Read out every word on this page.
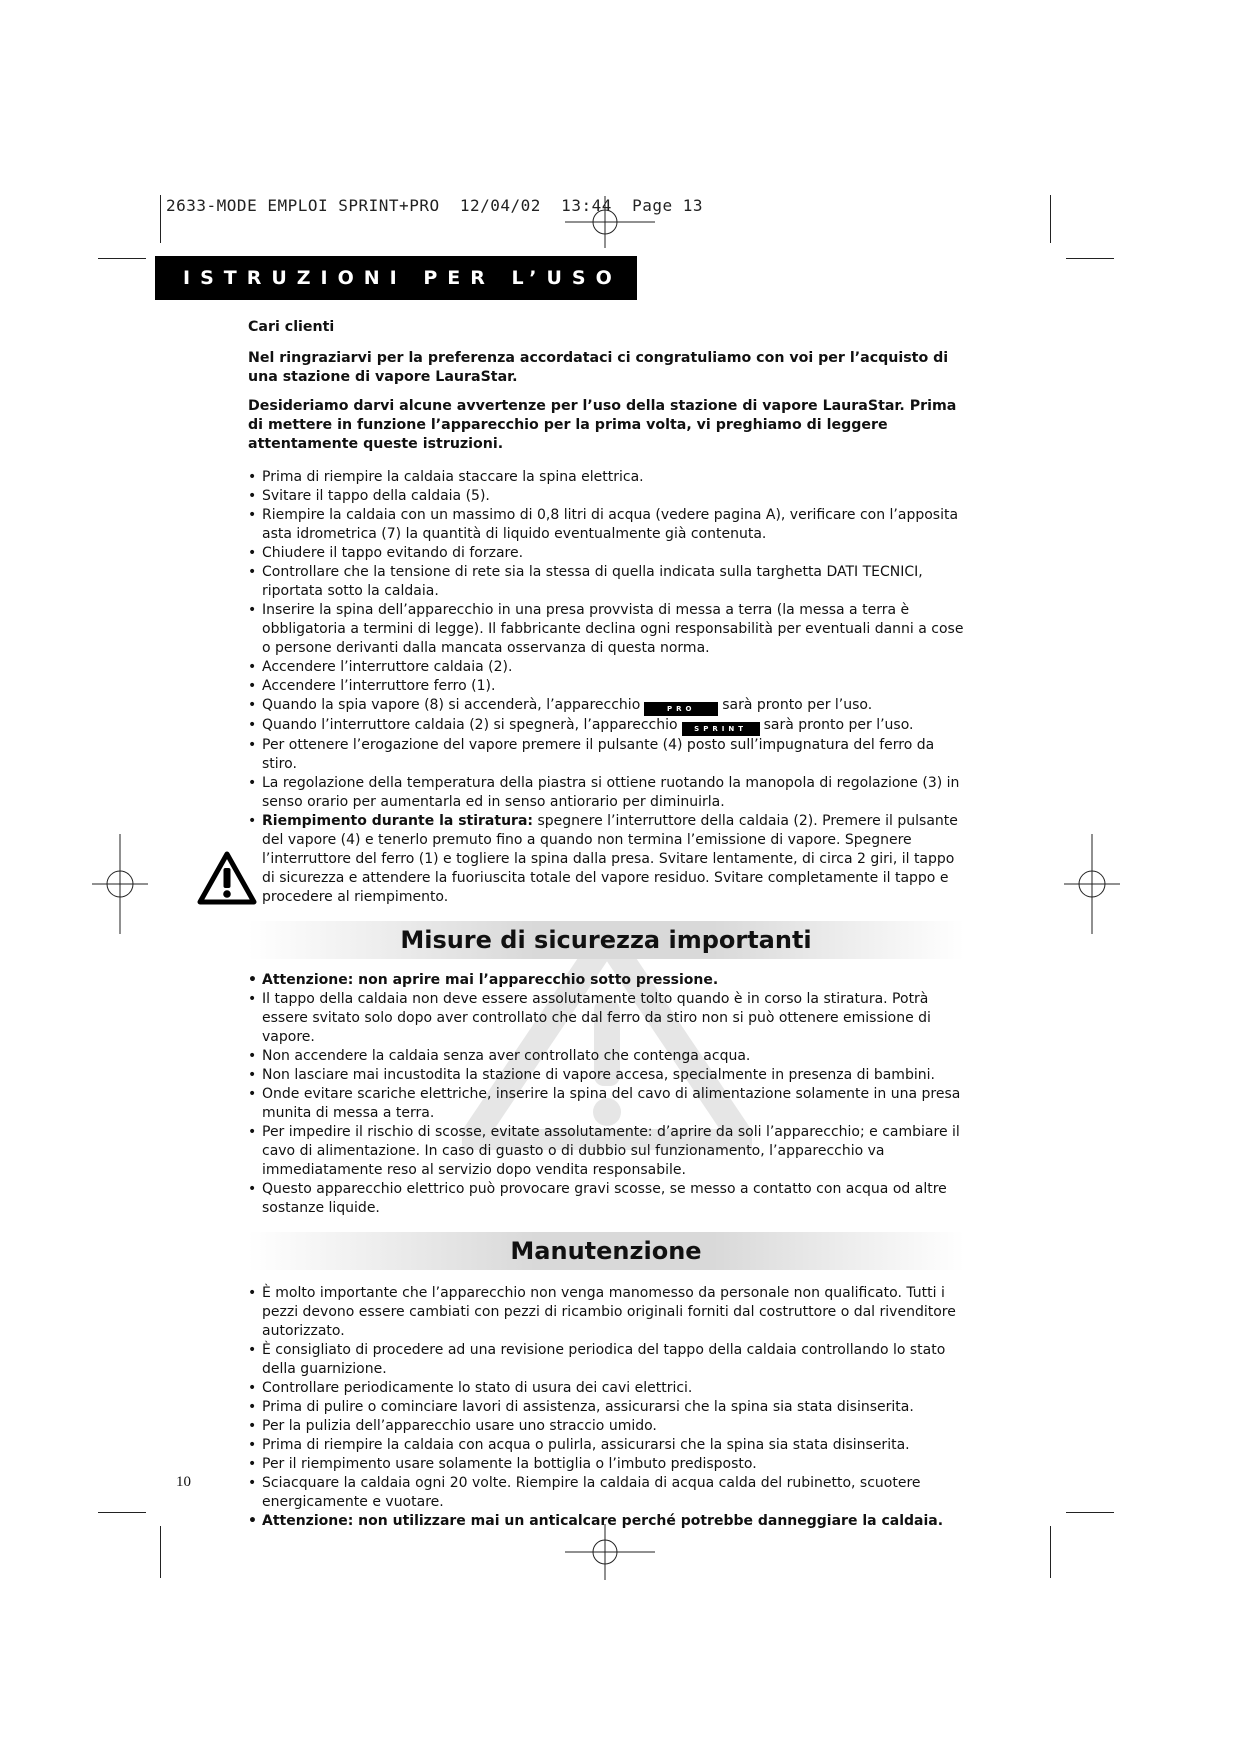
2633-MODE EMPLOI SPRINT+PRO  12/04/02  13:44  Page 13
ISTRUZIONI PER L’USO

Cari clienti

Nel ringraziarvi per la preferenza accordataci ci congratuliamo con voi per l’acquisto di una stazione di vapore LauraStar.

Desideriamo darvi alcune avvertenze per l’uso della stazione di vapore LauraStar. Prima di mettere in funzione l’apparecchio per la prima volta, vi preghiamo di leggere attentamente queste istruzioni.

• Prima di riempire la caldaia staccare la spina elettrica.
• Svitare il tappo della caldaia (5).
• Riempire la caldaia con un massimo di 0,8 litri di acqua (vedere pagina A), verificare con l’apposita asta idrometrica (7) la quantità di liquido eventualmente già contenuta.
• Chiudere il tappo evitando di forzare.
• Controllare che la tensione di rete sia la stessa di quella indicata sulla targhetta DATI TECNICI, riportata sotto la caldaia.
• Inserire la spina dell’apparecchio in una presa provvista di messa a terra (la messa a terra è obbligatoria a termini di legge). Il fabbricante declina ogni responsabilità per eventuali danni a cose o persone derivanti dalla mancata osservanza di questa norma.
• Accendere l’interruttore caldaia (2).
• Accendere l’interruttore ferro (1).
• Quando la spia vapore (8) si accenderà, l’apparecchio	PRO sarà pronto per l’uso.
• Quando l’interruttore caldaia (2) si spegnerà, l’apparecchio SPRINT sarà pronto per l’uso.
• Per ottenere l’erogazione del vapore premere il pulsante (4) posto sull’impugnatura del ferro da stiro.
• La regolazione della temperatura della piastra si ottiene ruotando la manopola di regolazione (3) in senso orario per aumentarla ed in senso antiorario per diminuirla.
• Riempimento durante la stiratura: spegnere l’interruttore della caldaia (2). Premere il pulsante del vapore (4) e tenerlo premuto fino a quando non termina l’emissione di vapore. Spegnere l’interruttore del ferro (1) e togliere la spina dalla presa. Svitare lentamente, di circa 2 giri, il tappo di sicurezza e attendere la fuoriuscita totale del vapore residuo. Svitare completamente il tappo e procedere al riempimento.
Misure di sicurezza importanti
• Attenzione: non aprire mai l’apparecchio sotto pressione.
• Il tappo della caldaia non deve essere assolutamente tolto quando è in corso la stiratura. Potrà essere svitato solo dopo aver controllato che dal ferro da stiro non si può ottenere emissione di vapore.
• Non accendere la caldaia senza aver controllato che contenga acqua.
• Non lasciare mai incustodita la stazione di vapore accesa, specialmente in presenza di bambini.
• Onde evitare scariche elettriche, inserire la spina del cavo di alimentazione solamente in una presa munita di messa a terra.
• Per impedire il rischio di scosse, evitate assolutamente: d’aprire da soli l’apparecchio; e cambiare il cavo di alimentazione. In caso di guasto o di dubbio sul funzionamento, l’apparecchio va immediatamente reso al servizio dopo vendita responsabile.
• Questo apparecchio elettrico può provocare gravi scosse, se messo a contatto con acqua od altre sostanze liquide.
Manutenzione
• È molto importante che l’apparecchio non venga manomesso da personale non qualificato. Tutti i pezzi devono essere cambiati con pezzi di ricambio originali forniti dal costruttore o dal rivenditore autorizzato.
• È consigliato di procedere ad una revisione periodica del tappo della caldaia controllando lo stato della guarnizione.
• Controllare periodicamente lo stato di usura dei cavi elettrici.
• Prima di pulire o cominciare lavori di assistenza, assicurarsi che la spina sia stata disinserita.
• Per la pulizia dell’apparecchio usare uno straccio umido.
• Prima di riempire la caldaia con acqua o pulirla, assicurarsi che la spina sia stata disinserita.
• Per il riempimento usare solamente la bottiglia o l’imbuto predisposto.
• Sciacquare la caldaia ogni 20 volte. Riempire la caldaia di acqua calda del rubinetto, scuotere energicamente e vuotare.
• Attenzione: non utilizzare mai un anticalcare perché potrebbe danneggiare la caldaia.
10
